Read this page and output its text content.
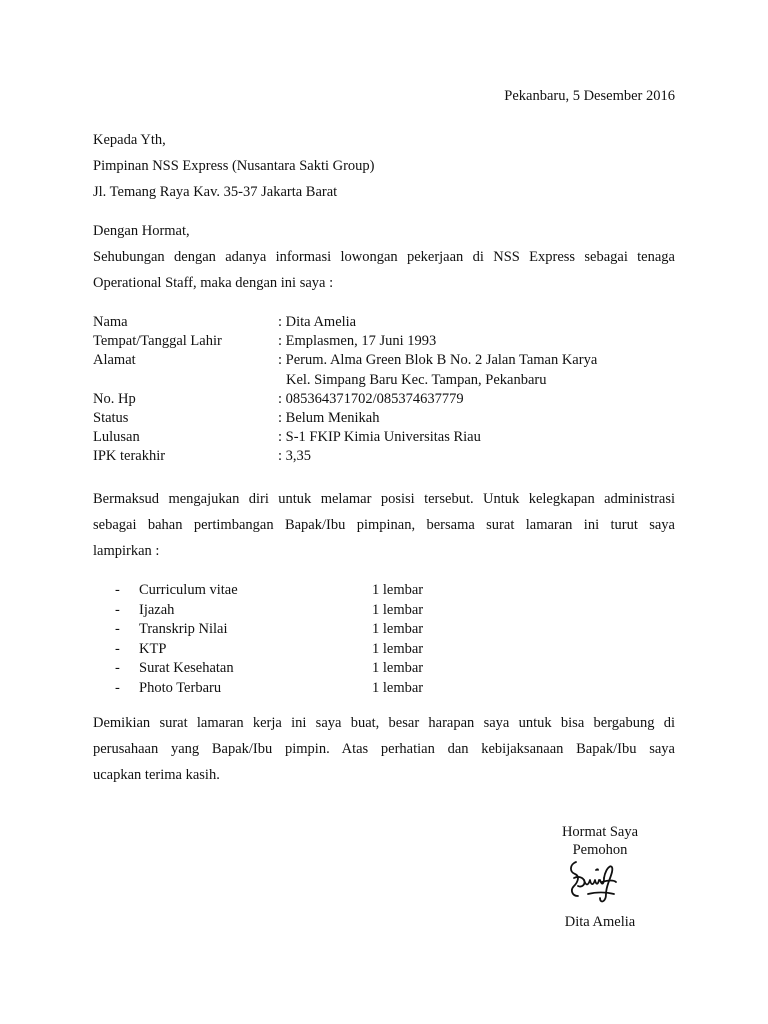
Pekanbaru, 5 Desember 2016
Kepada Yth,
Pimpinan NSS Express (Nusantara Sakti Group)
Jl. Temang Raya Kav. 35-37 Jakarta Barat
Dengan Hormat,
Sehubungan dengan adanya informasi lowongan pekerjaan di NSS Express sebagai tenaga
Operational Staff, maka dengan ini saya :
Nama	: Dita Amelia
Tempat/Tanggal Lahir	: Emplasmen, 17 Juni 1993
Alamat	: Perum. Alma Green Blok B No. 2 Jalan Taman Karya
Kel. Simpang Baru Kec. Tampan, Pekanbaru
No. Hp	: 085364371702/085374637779
Status	: Belum Menikah
Lulusan	: S-1 FKIP Kimia Universitas Riau
IPK terakhir	: 3,35
Bermaksud mengajukan diri untuk melamar posisi tersebut. Untuk kelegkapan administrasi
sebagai bahan pertimbangan Bapak/Ibu pimpinan, bersama surat lamaran ini turut saya
lampirkan :
- Curriculum vitae	1 lembar
- Ijazah	1 lembar
- Transkrip Nilai	1 lembar
- KTP	1 lembar
- Surat Kesehatan	1 lembar
- Photo Terbaru	1 lembar
Demikian surat lamaran kerja ini saya buat, besar harapan saya untuk bisa bergabung di
perusahaan yang Bapak/Ibu pimpin. Atas perhatian dan kebijaksanaan Bapak/Ibu saya
ucapkan terima kasih.
Hormat Saya
Pemohon
Dita Amelia
